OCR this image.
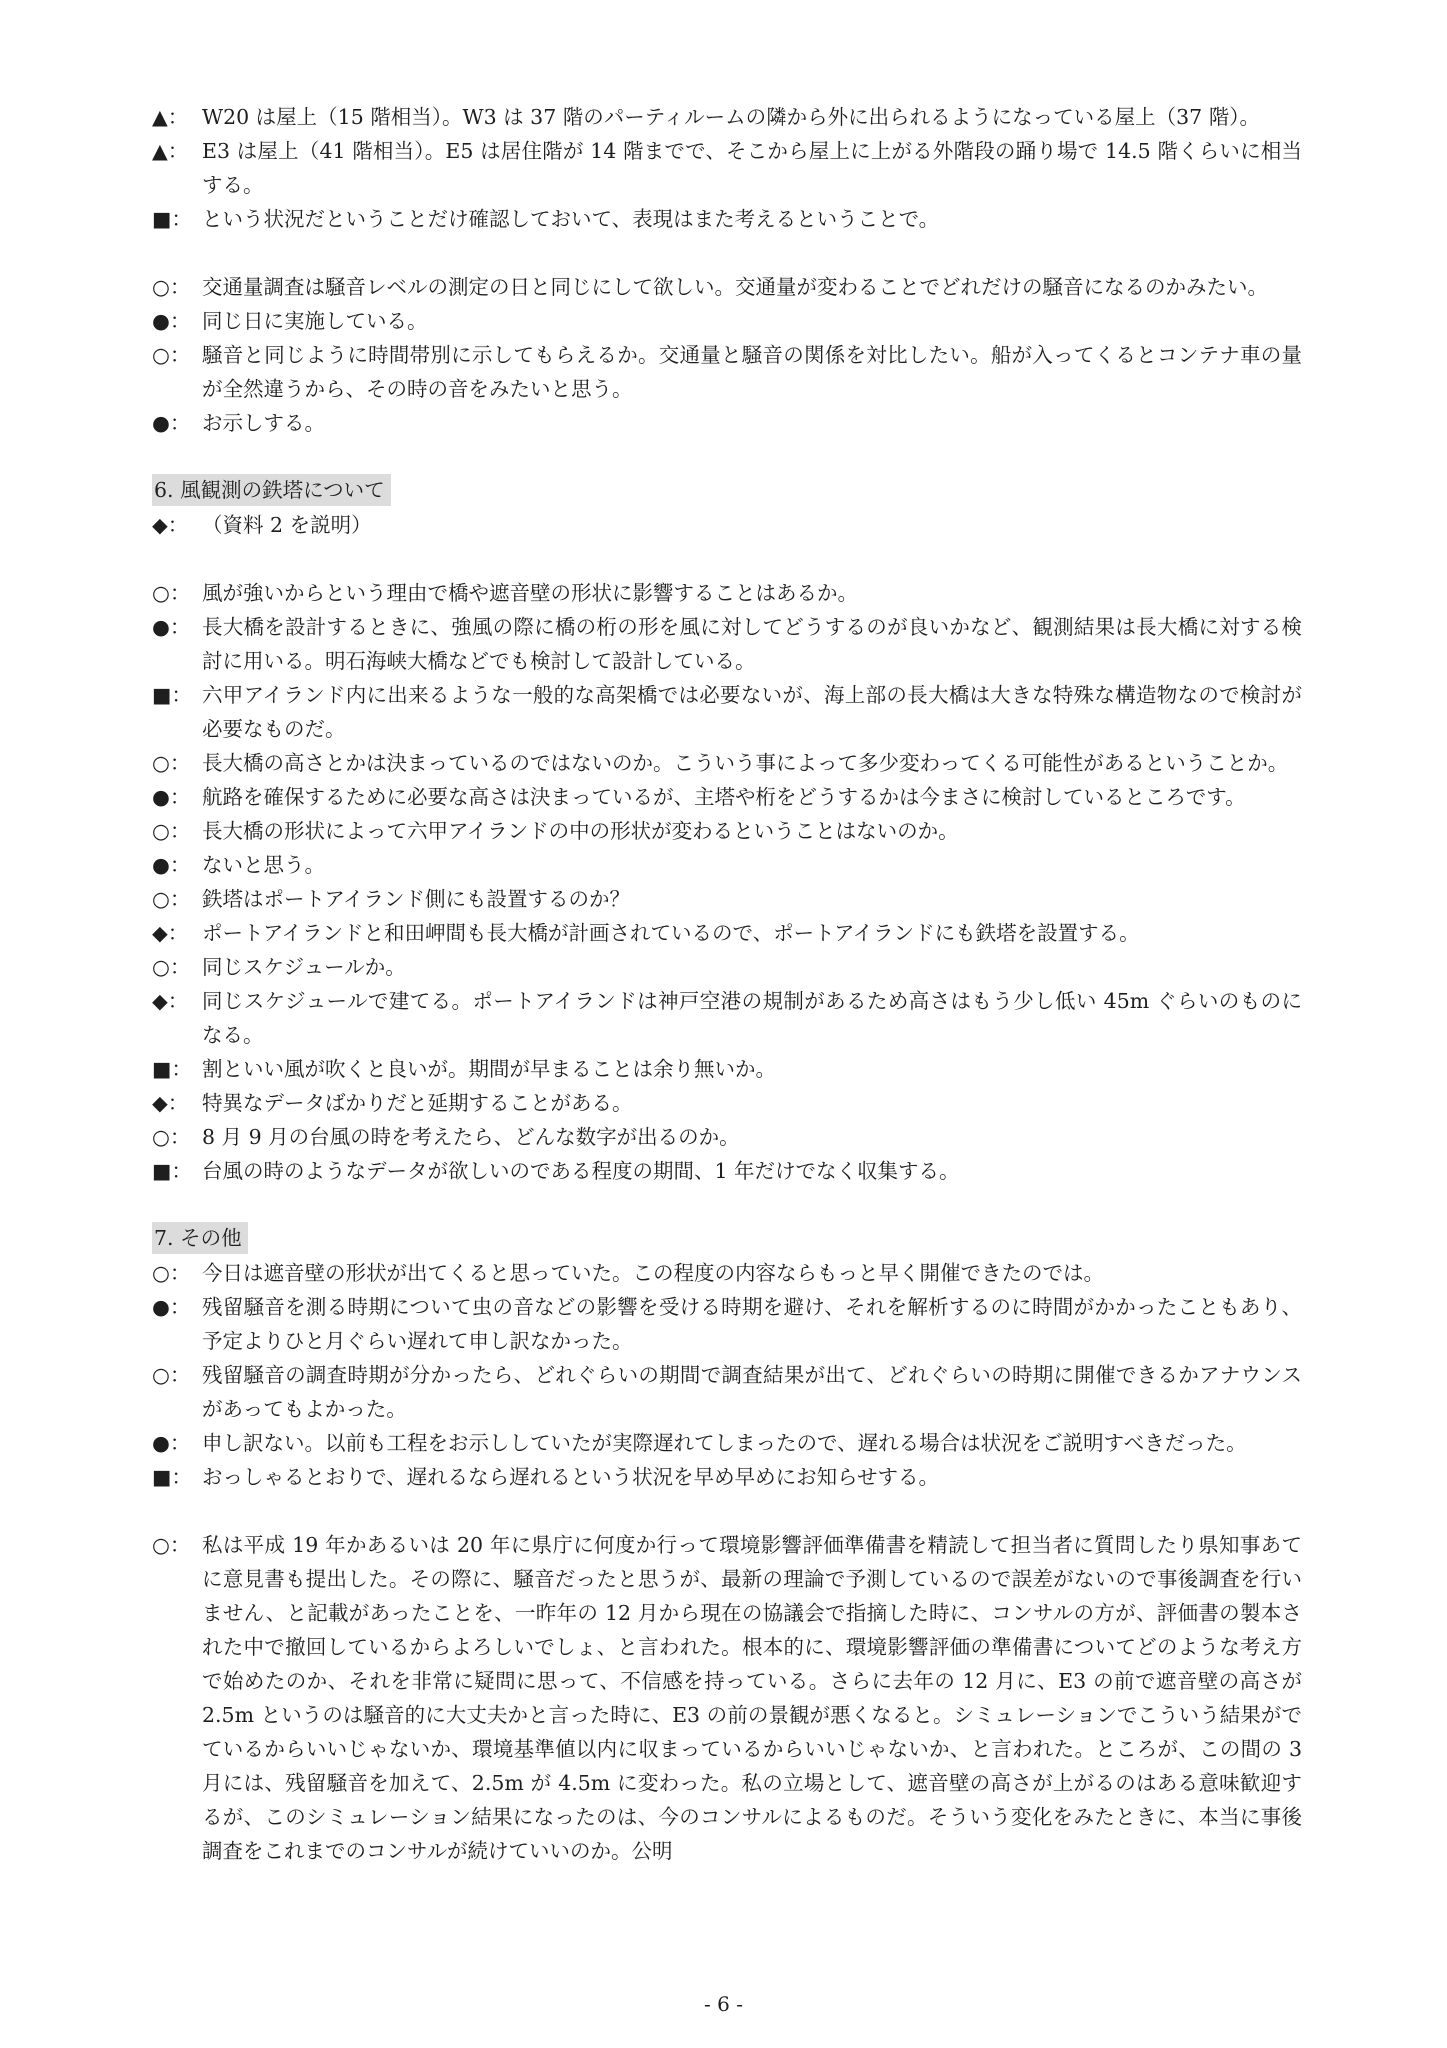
▲： W20 は屋上（15 階相当）。W3 は 37 階のパーティルームの隣から外に出られるようになっている屋上（37 階）。
▲： E3 は屋上（41 階相当）。E5 は居住階が 14 階までで、そこから屋上に上がる外階段の踊り場で 14.5 階くらいに相当する。
■： という状況だということだけ確認しておいて、表現はまた考えるということで。
○： 交通量調査は騒音レベルの測定の日と同じにして欲しい。交通量が変わることでどれだけの騒音になるのかみたい。
●： 同じ日に実施している。
○： 騒音と同じように時間帯別に示してもらえるか。交通量と騒音の関係を対比したい。船が入ってくるとコンテナ車の量が全然違うから、その時の音をみたいと思う。
●： お示しする。
6. 風観測の鉄塔について
◆： （資料 2 を説明）
○： 風が強いからという理由で橋や遮音壁の形状に影響することはあるか。
●： 長大橋を設計するときに、強風の際に橋の桁の形を風に対してどうするのが良いかなど、観測結果は長大橋に対する検討に用いる。明石海峡大橋などでも検討して設計している。
■： 六甲アイランド内に出来るような一般的な高架橋では必要ないが、海上部の長大橋は大きな特殊な構造物なので検討が必要なものだ。
○： 長大橋の高さとかは決まっているのではないのか。こういう事によって多少変わってくる可能性があるということか。
●： 航路を確保するために必要な高さは決まっているが、主塔や桁をどうするかは今まさに検討しているところです。
○： 長大橋の形状によって六甲アイランドの中の形状が変わるということはないのか。
●： ないと思う。
○： 鉄塔はポートアイランド側にも設置するのか？
◆： ポートアイランドと和田岬間も長大橋が計画されているので、ポートアイランドにも鉄塔を設置する。
○： 同じスケジュールか。
◆： 同じスケジュールで建てる。ポートアイランドは神戸空港の規制があるため高さはもう少し低い 45m ぐらいのものになる。
■： 割といい風が吹くと良いが。期間が早まることは余り無いか。
◆： 特異なデータばかりだと延期することがある。
○： 8 月 9 月の台風の時を考えたら、どんな数字が出るのか。
■： 台風の時のようなデータが欲しいのである程度の期間、1 年だけでなく収集する。
7. その他
○： 今日は遮音壁の形状が出てくると思っていた。この程度の内容ならもっと早く開催できたのでは。
●： 残留騒音を測る時期について虫の音などの影響を受ける時期を避け、それを解析するのに時間がかかったこともあり、予定よりひと月ぐらい遅れて申し訳なかった。
○： 残留騒音の調査時期が分かったら、どれぐらいの期間で調査結果が出て、どれぐらいの時期に開催できるかアナウンスがあってもよかった。
●： 申し訳ない。以前も工程をお示ししていたが実際遅れてしまったので、遅れる場合は状況をご説明すべきだった。
■： おっしゃるとおりで、遅れるなら遅れるという状況を早め早めにお知らせする。
○： 私は平成 19 年かあるいは 20 年に県庁に何度か行って環境影響評価準備書を精読して担当者に質問したり県知事あてに意見書も提出した。その際に、騒音だったと思うが、最新の理論で予測しているので誤差がないので事後調査を行いません、と記載があったことを、一昨年の 12 月から現在の協議会で指摘した時に、コンサルの方が、評価書の製本された中で撤回しているからよろしいでしょ、と言われた。根本的に、環境影響評価の準備書についてどのような考え方で始めたのか、それを非常に疑問に思って、不信感を持っている。さらに去年の 12 月に、E3 の前で遮音壁の高さが 2.5m というのは騒音的に大丈夫かと言った時に、E3 の前の景観が悪くなると。シミュレーションでこういう結果がでているからいいじゃないか、環境基準値以内に収まっているからいいじゃないか、と言われた。ところが、この間の 3 月には、残留騒音を加えて、2.5m が 4.5m に変わった。私の立場として、遮音壁の高さが上がるのはある意味歓迎するが、このシミュレーション結果になったのは、今のコンサルによるものだ。そういう変化をみたときに、本当に事後調査をこれまでのコンサルが続けていいのか。公明
- 6 -
